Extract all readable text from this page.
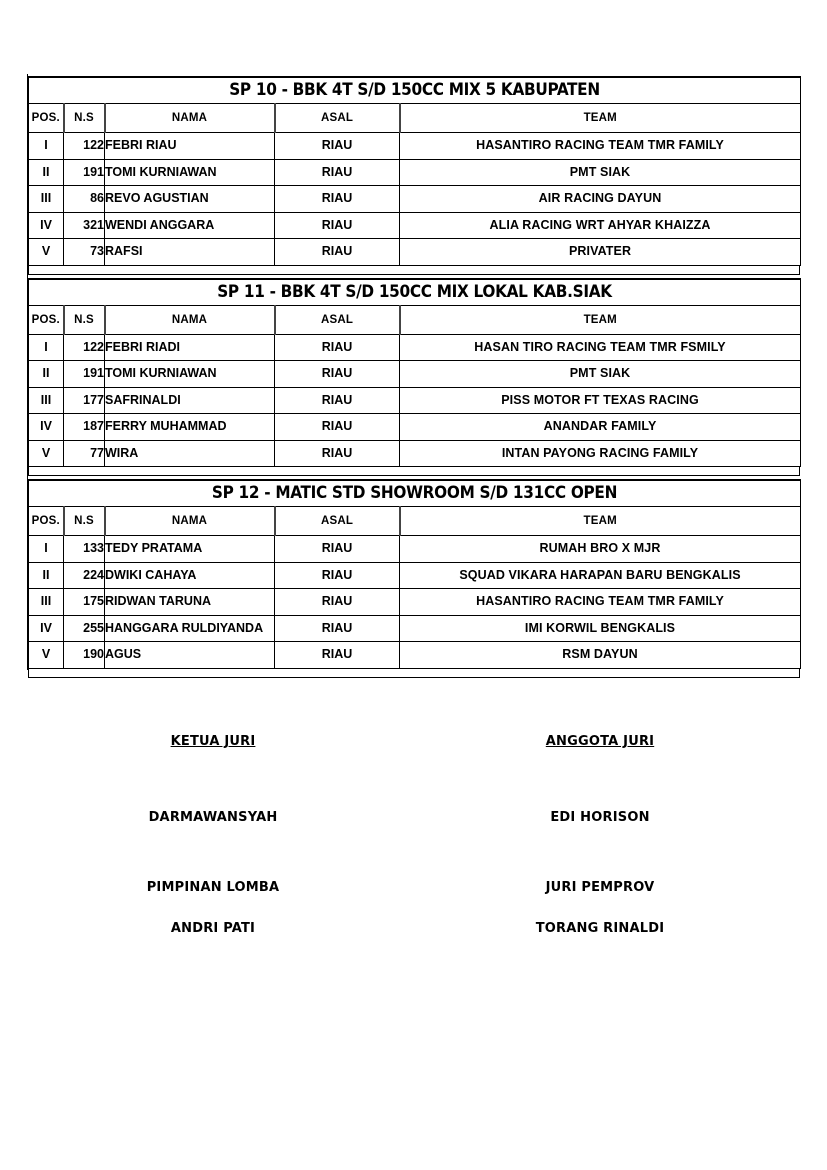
SP 10 - BBK 4T S/D 150CC MIX 5 KABUPATEN				
POS.	N.S	NAMA	ASAL	TEAM
I	122	FEBRI RIAU	RIAU	HASANTIRO RACING TEAM TMR FAMILY
II	191	TOMI KURNIAWAN	RIAU	PMT SIAK
III	86	REVO AGUSTIAN	RIAU	AIR RACING DAYUN
IV	321	WENDI ANGGARA	RIAU	ALIA RACING WRT AHYAR KHAIZZA
V	73	RAFSI	RIAU	PRIVATER
SP 11 - BBK 4T S/D 150CC MIX LOKAL KAB.SIAK				
POS.	N.S	NAMA	ASAL	TEAM
I	122	FEBRI RIADI	RIAU	HASAN TIRO RACING TEAM TMR FSMILY
II	191	TOMI KURNIAWAN	RIAU	PMT SIAK
III	177	SAFRINALDI	RIAU	PISS MOTOR FT TEXAS RACING
IV	187	FERRY MUHAMMAD	RIAU	ANANDAR FAMILY
V	77	WIRA	RIAU	INTAN PAYONG RACING FAMILY
SP 12 - MATIC STD SHOWROOM S/D 131CC OPEN				
POS.	N.S	NAMA	ASAL	TEAM
I	133	TEDY PRATAMA	RIAU	RUMAH BRO X MJR
II	224	DWIKI CAHAYA	RIAU	SQUAD VIKARA HARAPAN BARU BENGKALIS
III	175	RIDWAN TARUNA	RIAU	HASANTIRO RACING TEAM TMR FAMILY
IV	255	HANGGARA RULDIYANDA	RIAU	IMI KORWIL BENGKALIS
V	190	AGUS	RIAU	RSM DAYUN
KETUA JURI
DARMAWANSYAH
PIMPINAN LOMBA
ANDRI PATI
ANGGOTA JURI
EDI HORISON
JURI PEMPROV
TORANG RINALDI
